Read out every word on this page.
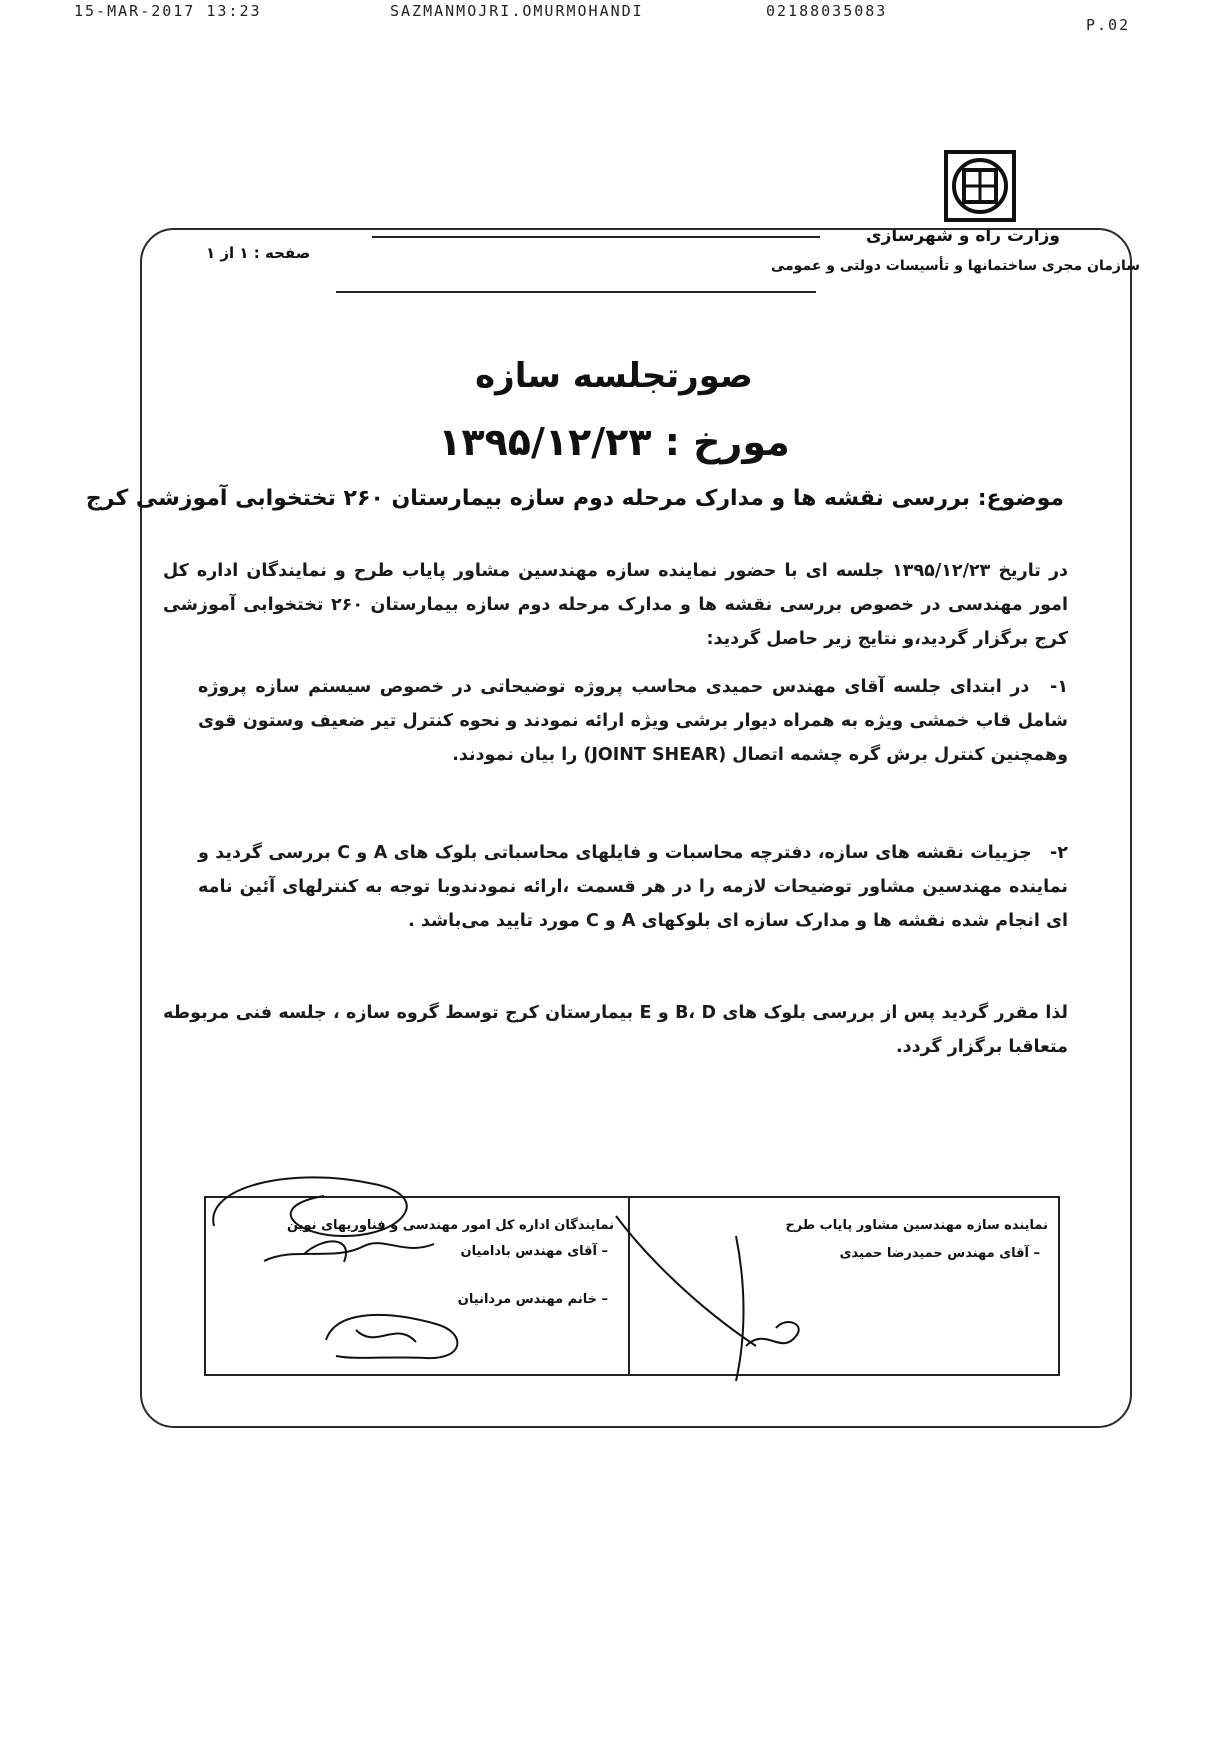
15-MAR-2017 13:23	SAZMANMOJRI.OMURMOHANDI	02188035083
P.02
وزارت راه و شهرسازی
سازمان مجری ساختمانها و تأسیسات دولتی و عمومی
صفحه : ۱ از ۱
صورتجلسه سازه
مورخ : ۱۳۹۵/۱۲/۲۳
موضوع: بررسی نقشه ها و مدارک مرحله دوم سازه بیمارستان ۲۶۰ تختخوابی آموزشی کرج
در تاریخ ۱۳۹۵/۱۲/۲۳ جلسه ای با حضور نماینده سازه مهندسین مشاور پایاب طرح و نمایندگان اداره کل امور مهندسی در خصوص بررسی نقشه ها و مدارک مرحله دوم سازه بیمارستان ۲۶۰ تختخوابی آموزشی کرج برگزار گردید،و نتایج زیر حاصل گردید:
۱- در ابتدای جلسه آقای مهندس حمیدی محاسب پروژه توضیحاتی در خصوص سیستم سازه پروژه شامل قاب خمشی ویژه به همراه دیوار برشی ویژه ارائه نمودند و نحوه کنترل تیر ضعیف وستون قوی وهمچنین کنترل برش گره چشمه اتصال (JOINT SHEAR) را بیان نمودند.
۲- جزییات نقشه های سازه، دفترچه محاسبات و فایلهای محاسباتی بلوک های A و C بررسی گردید و نماینده مهندسین مشاور توضیحات لازمه را در هر قسمت ،ارائه نمودندوبا توجه به کنترلهای آئین نامه ای انجام شده نقشه ها و مدارک سازه ای بلوکهای A و C مورد تایید می‌باشد .
لذا مقرر گردید پس از بررسی بلوک های B، D و E بیمارستان کرج توسط گروه سازه ، جلسه فنی مربوطه متعاقبا برگزار گردد.
نماینده سازه مهندسین مشاور پایاب طرح
– آقای مهندس حمیدرضا حمیدی
نمایندگان اداره کل امور مهندسی و فناوریهای نوین
– آقای مهندس بادامیان
– خانم مهندس مردانیان
